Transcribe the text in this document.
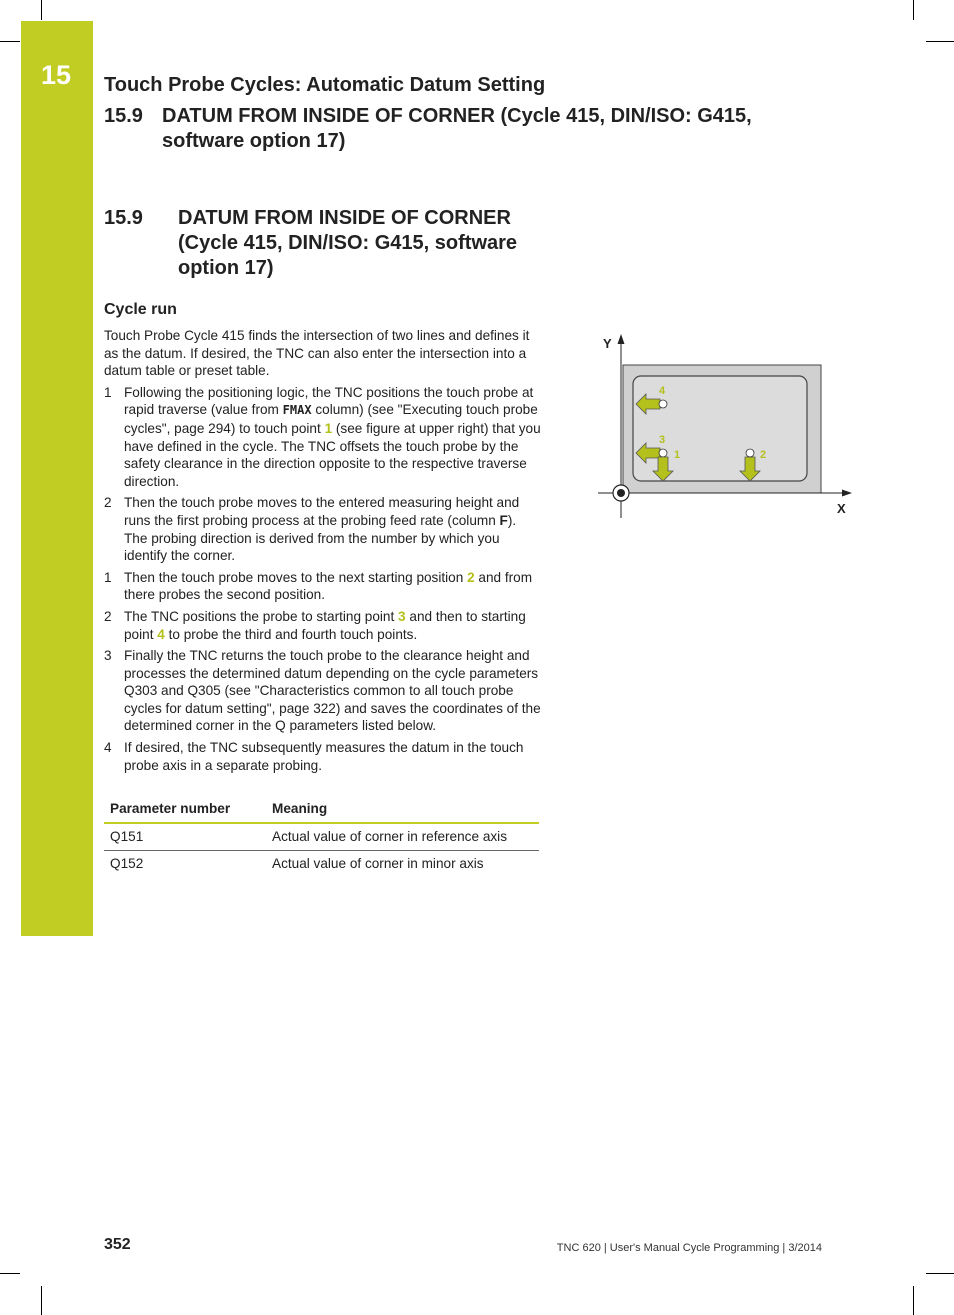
15	Touch Probe Cycles: Automatic Datum Setting
15.9 DATUM FROM INSIDE OF CORNER (Cycle 415, DIN/ISO: G415, software option 17)
15.9 DATUM FROM INSIDE OF CORNER (Cycle 415, DIN/ISO: G415, software option 17)
Cycle run

Touch Probe Cycle 415 finds the intersection of two lines and defines it as the datum. If desired, the TNC can also enter the intersection into a datum table or preset table.

1 Following the positioning logic, the TNC positions the touch probe at rapid traverse (value from FMAX column) (see "Executing touch probe cycles", page 294) to touch point 1 (see figure at upper right) that you have defined in the cycle. The TNC offsets the touch probe by the safety clearance in the direction opposite to the respective traverse direction.
2 Then the touch probe moves to the entered measuring height and runs the first probing process at the probing feed rate (column F). The probing direction is derived from the number by which you identify the corner.
1 Then the touch probe moves to the next starting position 2 and from there probes the second position.
2 The TNC positions the probe to starting point 3 and then to starting point 4 to probe the third and fourth touch points.
3 Finally the TNC returns the touch probe to the clearance height and processes the determined datum depending on the cycle parameters Q303 and Q305 (see "Characteristics common to all touch probe cycles for datum setting", page 322) and saves the coordinates of the determined corner in the Q parameters listed below.
4 If desired, the TNC subsequently measures the datum in the touch probe axis in a separate probing.
Parameter number	Meaning
Q151	Actual value of corner in reference axis
Q152	Actual value of corner in minor axis
Y
X
4
3
1	2
352	TNC 620 | User's Manual Cycle Programming | 3/2014
